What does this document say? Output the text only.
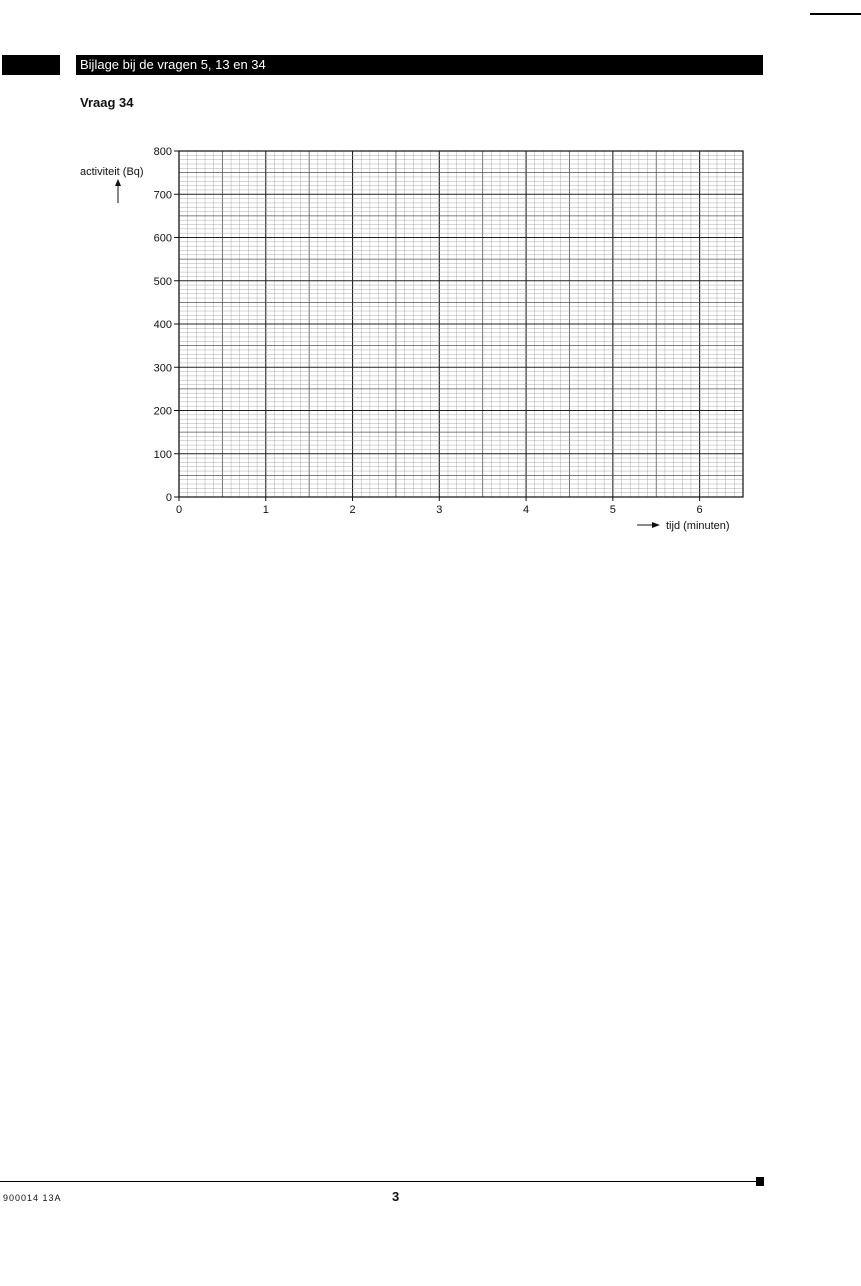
Bijlage bij de vragen 5, 13 en 34
Vraag 34
0
100
200
300
400
500
600
700
800
0	1	2	3	4	5	6
activiteit (Bq)
tijd (minuten)
900014 13A	3
